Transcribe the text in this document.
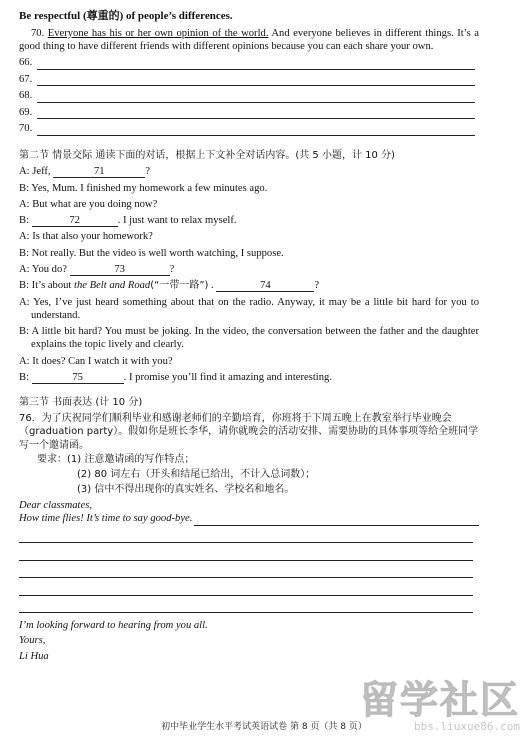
Be respectful (尊重的) of people’s differences.

70. Everyone has his or her own opinion of the world. And everyone believes in different things. It’s a good thing to have different friends with different opinions because you can each share your own.

66.
67.
68.
69.
70.
第二节 情景交际 通读下面的对话，根据上下文补全对话内容。(共 5 小题，计 10 分)
A: Jeff,	71	?
B: Yes, Mum. I finished my homework a few minutes ago.
A: But what are you doing now?
B:	72	. I just want to relax myself.
A: Is that also your homework?
B: Not really. But the video is well worth watching, I suppose.
A: You do?	73	?
B: It’s about the Belt and Road(“一带一路”) .	74	?
A: Yes, I’ve just heard something about that on the radio. Anyway, it may be a little bit hard for you to understand.
B: A little bit hard? You must be joking. In the video, the conversation between the father and the daughter explains the topic lively and clearly.
A: It does? Can I watch it with you?
B:	75	. I promise you’ll find it amazing and interesting.
第三节 书面表达 (计 10 分)

76．为了庆祝同学们顺利毕业和感谢老师们的辛勤培育，你班将于下周五晚上在教室举行毕业晚会（graduation party）。假如你是班长李华，请你就晚会的活动安排、需要协助的具体事项等给全班同学写一个邀请函。

要求：(1) 注意邀请函的写作特点；
(2) 80 词左右（开头和结尾已给出，不计入总词数）；
(3) 信中不得出现你的真实姓名、学校名和地名。
Dear classmates,
How time flies! It’s time to say good-bye.
I’m looking forward to hearing from you all.
Yours,
Li Hua
初中毕业学生水平考试英语试卷 第 8 页（共 8 页）
留学社区
bbs.liuxue86.com
